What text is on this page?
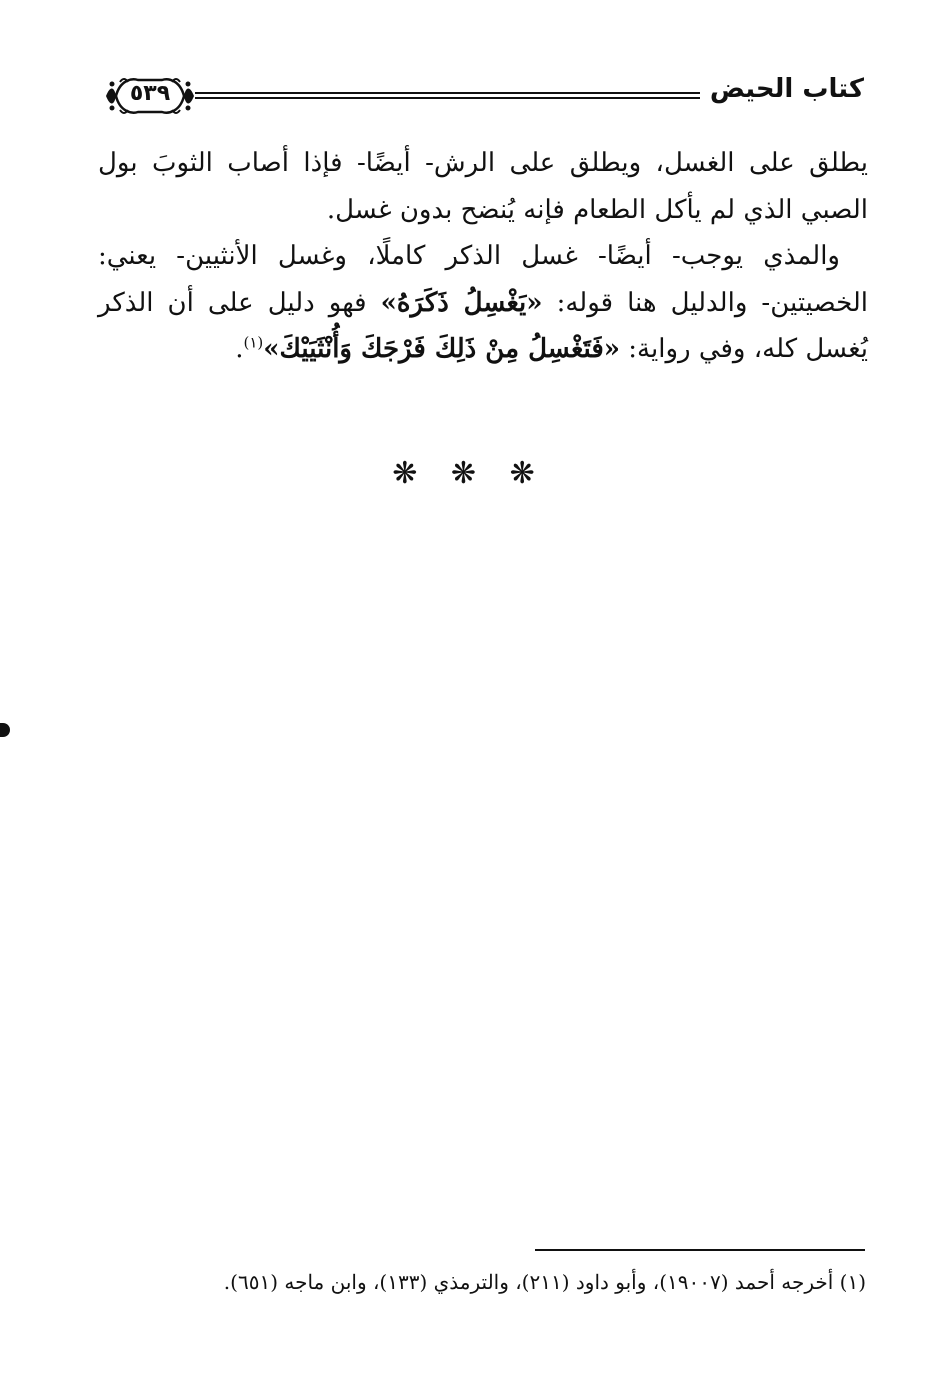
كتاب الحيض
٥٣٩

يطلق على الغسل، ويطلق على الرش- أيضًا- فإذا أصاب الثوبَ بول الصبي الذي لم يأكل الطعام فإنه يُنضح بدون غسل.

والمذي يوجب- أيضًا- غسل الذكر كاملًا، وغسل الأنثيين- يعني: الخصيتين- والدليل هنا قوله: «يَغْسِلُ ذَكَرَهُ» فهو دليل على أن الذكر يُغسل كله، وفي رواية: «فَتَغْسِلُ مِنْ ذَلِكَ فَرْجَكَ وَأُنْثَيَيْكَ»$^{(١)}$.

❋ ❋ ❋
(١) أخرجه أحمد (١٩٠٠٧)، وأبو داود (٢١١)، والترمذي (١٣٣)، وابن ماجه (٦٥١).
